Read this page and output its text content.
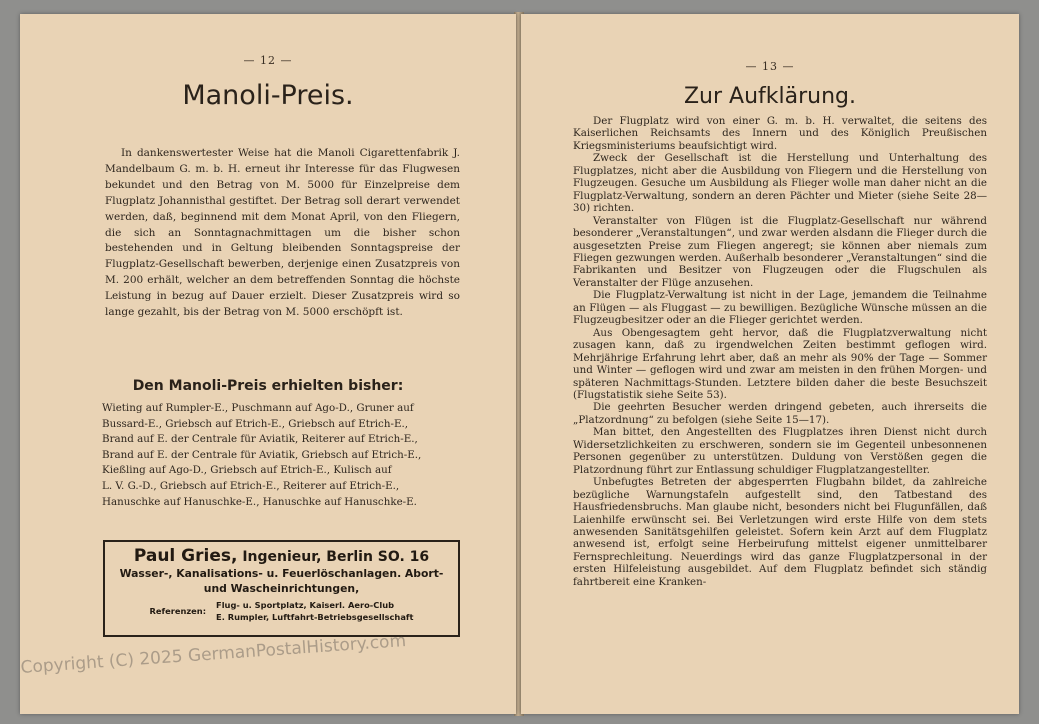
— 12 —
Manoli-Preis.

In dankenswertester Weise hat die Manoli Cigarettenfabrik J. Mandelbaum G. m. b. H. erneut ihr Interesse für das Flugwesen bekundet und den Betrag von M. 5000 für Einzelpreise dem Flugplatz Johannisthal gestiftet. Der Betrag soll derart verwendet werden, daß, beginnend mit dem Monat April, von den Fliegern, die sich an Sonntagnachmittagen um die bisher schon bestehenden und in Geltung bleibenden Sonntagspreise der Flugplatz-Gesellschaft bewerben, derjenige einen Zusatzpreis von M. 200 erhält, welcher an dem betreffenden Sonntag die höchste Leistung in bezug auf Dauer erzielt. Dieser Zusatzpreis wird so lange gezahlt, bis der Betrag von M. 5000 erschöpft ist.

Den Manoli-Preis erhielten bisher:
Wieting auf Rumpler-E., Puschmann auf Ago-D., Gruner auf
Bussard-E., Griebsch auf Etrich-E., Griebsch auf Etrich-E.,
Brand auf E. der Centrale für Aviatik, Reiterer auf Etrich-E.,
Brand auf E. der Centrale für Aviatik, Griebsch auf Etrich-E.,
Kießling auf Ago-D., Griebsch auf Etrich-E., Kulisch auf
L. V. G.-D., Griebsch auf Etrich-E., Reiterer auf Etrich-E.,
Hanuschke auf Hanuschke-E., Hanuschke auf Hanuschke-E.
Paul Gries, Ingenieur, Berlin SO. 16
Wasser-, Kanalisations- u. Feuerlöschanlagen. Abort-
und Wascheinrichtungen,
Referenzen:
Flug- u. Sportplatz, Kaiserl. Aero-Club
E. Rumpler, Luftfahrt-Betriebsgesellschaft
— 13 —
Zur Aufklärung.

Der Flugplatz wird von einer G. m. b. H. verwaltet, die seitens des Kaiserlichen Reichsamts des Innern und des Königlich Preußischen Kriegsministeriums beaufsichtigt wird.

Zweck der Gesellschaft ist die Herstellung und Unterhaltung des Flugplatzes, nicht aber die Ausbildung von Fliegern und die Herstellung von Flugzeugen. Gesuche um Ausbildung als Flieger wolle man daher nicht an die Flugplatz-Verwaltung, sondern an deren Pächter und Mieter (siehe Seite 28—30) richten.

Veranstalter von Flügen ist die Flugplatz-Gesellschaft nur während besonderer „Veranstaltungen“, und zwar werden alsdann die Flieger durch die ausgesetzten Preise zum Fliegen angeregt; sie können aber niemals zum Fliegen gezwungen werden. Außerhalb besonderer „Veranstaltungen“ sind die Fabrikanten und Besitzer von Flugzeugen oder die Flugschulen als Veranstalter der Flüge anzusehen.

Die Flugplatz-Verwaltung ist nicht in der Lage, jemandem die Teilnahme an Flügen — als Fluggast — zu bewilligen. Bezügliche Wünsche müssen an die Flugzeugbesitzer oder an die Flieger gerichtet werden.

Aus Obengesagtem geht hervor, daß die Flugplatzverwaltung nicht zusagen kann, daß zu irgendwelchen Zeiten bestimmt geflogen wird. Mehrjährige Erfahrung lehrt aber, daß an mehr als 90% der Tage — Sommer und Winter — geflogen wird und zwar am meisten in den frühen Morgen- und späteren Nachmittags-Stunden. Letztere bilden daher die beste Besuchszeit (Flugstatistik siehe Seite 53).

Die geehrten Besucher werden dringend gebeten, auch ihrerseits die „Platzordnung“ zu befolgen (siehe Seite 15—17).

Man bittet, den Angestellten des Flugplatzes ihren Dienst nicht durch Widersetzlichkeiten zu erschweren, sondern sie im Gegenteil unbesonnenen Personen gegenüber zu unterstützen. Duldung von Verstößen gegen die Platzordnung führt zur Entlassung schuldiger Flugplatzangestellter.

Unbefugtes Betreten der abgesperrten Flugbahn bildet, da zahlreiche bezügliche Warnungstafeln aufgestellt sind, den Tatbestand des Hausfriedensbruchs. Man glaube nicht, besonders nicht bei Flugunfällen, daß Laienhilfe erwünscht sei. Bei Verletzungen wird erste Hilfe von dem stets anwesenden Sanitätsgehilfen geleistet. Sofern kein Arzt auf dem Flugplatz anwesend ist, erfolgt seine Herbeirufung mittelst eigener unmittelbarer Fernsprechleitung. Neuerdings wird das ganze Flugplatzpersonal in der ersten Hilfeleistung ausgebildet. Auf dem Flugplatz befindet sich ständig fahrtbereit eine Kranken-

Copyright (C) 2025 GermanPostalHistory.com
